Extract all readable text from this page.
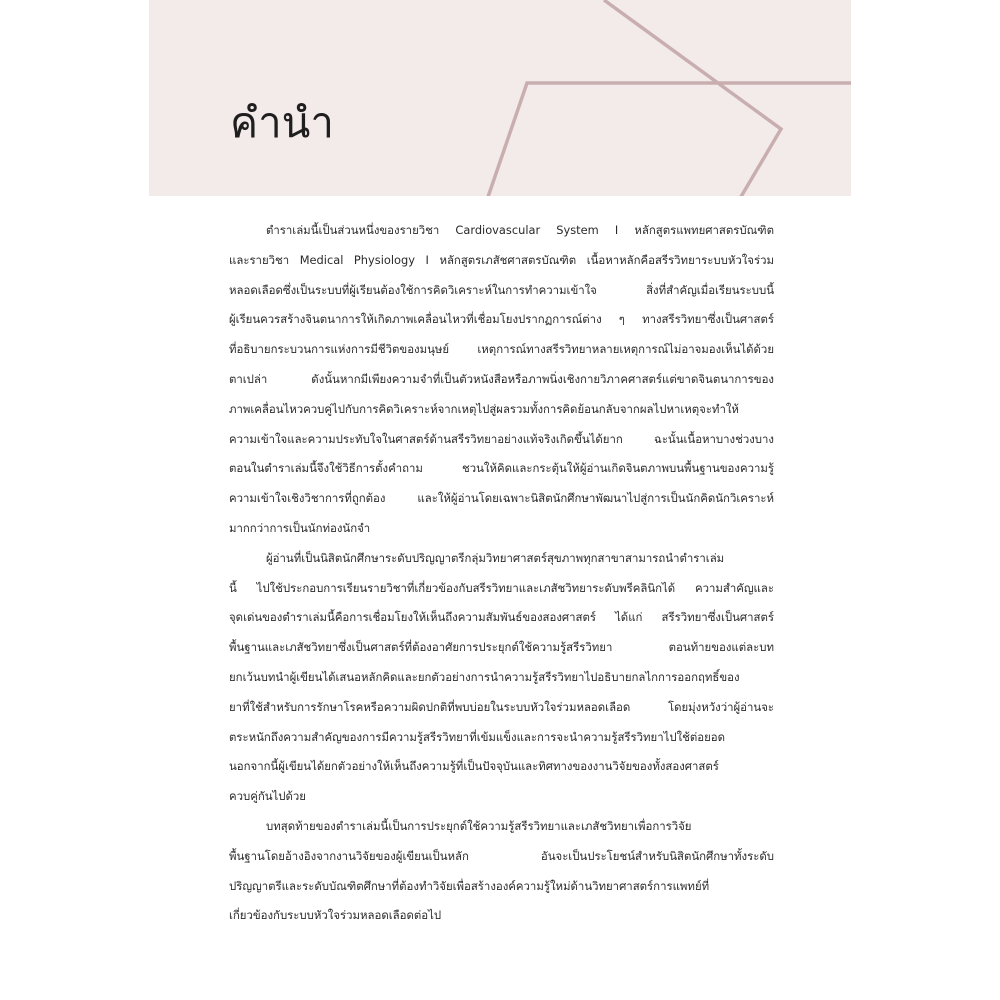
คำนำ
ตำราเล่มนี้เป็นส่วนหนึ่งของรายวิชา Cardiovascular System I หลักสูตรแพทยศาสตรบัณฑิต
และรายวิชา Medical Physiology I หลักสูตรเภสัชศาสตรบัณฑิต เนื้อหาหลักคือสรีรวิทยาระบบหัวใจร่วม
หลอดเลือดซึ่งเป็นระบบที่ผู้เรียนต้องใช้การคิดวิเคราะห์ในการทำความเข้าใจ สิ่งที่สำคัญเมื่อเรียนระบบนี้
ผู้เรียนควรสร้างจินตนาการให้เกิดภาพเคลื่อนไหวที่เชื่อมโยงปรากฏการณ์ต่าง ๆ ทางสรีรวิทยาซึ่งเป็นศาสตร์
ที่อธิบายกระบวนการแห่งการมีชีวิตของมนุษย์ เหตุการณ์ทางสรีรวิทยาหลายเหตุการณ์ไม่อาจมองเห็นได้ด้วย
ตาเปล่า ดังนั้นหากมีเพียงความจำที่เป็นตัวหนังสือหรือภาพนิ่งเชิงกายวิภาคศาสตร์แต่ขาดจินตนาการของ
ภาพเคลื่อนไหวควบคู่ไปกับการคิดวิเคราะห์จากเหตุไปสู่ผลรวมทั้งการคิดย้อนกลับจากผลไปหาเหตุจะทำให้
ความเข้าใจและความประทับใจในศาสตร์ด้านสรีรวิทยาอย่างแท้จริงเกิดขึ้นได้ยาก ฉะนั้นเนื้อหาบางช่วงบาง
ตอนในตำราเล่มนี้จึงใช้วิธีการตั้งคำถาม ชวนให้คิดและกระตุ้นให้ผู้อ่านเกิดจินตภาพบนพื้นฐานของความรู้
ความเข้าใจเชิงวิชาการที่ถูกต้อง และให้ผู้อ่านโดยเฉพาะนิสิตนักศึกษาพัฒนาไปสู่การเป็นนักคิดนักวิเคราะห์
มากกว่าการเป็นนักท่องนักจำ
ผู้อ่านที่เป็นนิสิตนักศึกษาระดับปริญญาตรีกลุ่มวิทยาศาสตร์สุขภาพทุกสาขาสามารถนำตำราเล่ม
นี้ ไปใช้ประกอบการเรียนรายวิชาที่เกี่ยวข้องกับสรีรวิทยาและเภสัชวิทยาระดับพรีคลินิกได้ ความสำคัญและ
จุดเด่นของตำราเล่มนี้คือการเชื่อมโยงให้เห็นถึงความสัมพันธ์ของสองศาสตร์ ได้แก่ สรีรวิทยาซึ่งเป็นศาสตร์
พื้นฐานและเภสัชวิทยาซึ่งเป็นศาสตร์ที่ต้องอาศัยการประยุกต์ใช้ความรู้สรีรวิทยา ตอนท้ายของแต่ละบท
ยกเว้นบทนำผู้เขียนได้เสนอหลักคิดและยกตัวอย่างการนำความรู้สรีรวิทยาไปอธิบายกลไกการออกฤทธิ์ของ
ยาที่ใช้สำหรับการรักษาโรคหรือความผิดปกติที่พบบ่อยในระบบหัวใจร่วมหลอดเลือด โดยมุ่งหวังว่าผู้อ่านจะ
ตระหนักถึงความสำคัญของการมีความรู้สรีรวิทยาที่เข้มแข็งและการจะนำความรู้สรีรวิทยาไปใช้ต่อยอด
นอกจากนี้ผู้เขียนได้ยกตัวอย่างให้เห็นถึงความรู้ที่เป็นปัจจุบันและทิศทางของงานวิจัยของทั้งสองศาสตร์
ควบคู่กันไปด้วย
บทสุดท้ายของตำราเล่มนี้เป็นการประยุกต์ใช้ความรู้สรีรวิทยาและเภสัชวิทยาเพื่อการวิจัย
พื้นฐานโดยอ้างอิงจากงานวิจัยของผู้เขียนเป็นหลัก อันจะเป็นประโยชน์สำหรับนิสิตนักศึกษาทั้งระดับ
ปริญญาตรีและระดับบัณฑิตศึกษาที่ต้องทำวิจัยเพื่อสร้างองค์ความรู้ใหม่ด้านวิทยาศาสตร์การแพทย์ที่
เกี่ยวข้องกับระบบหัวใจร่วมหลอดเลือดต่อไป
